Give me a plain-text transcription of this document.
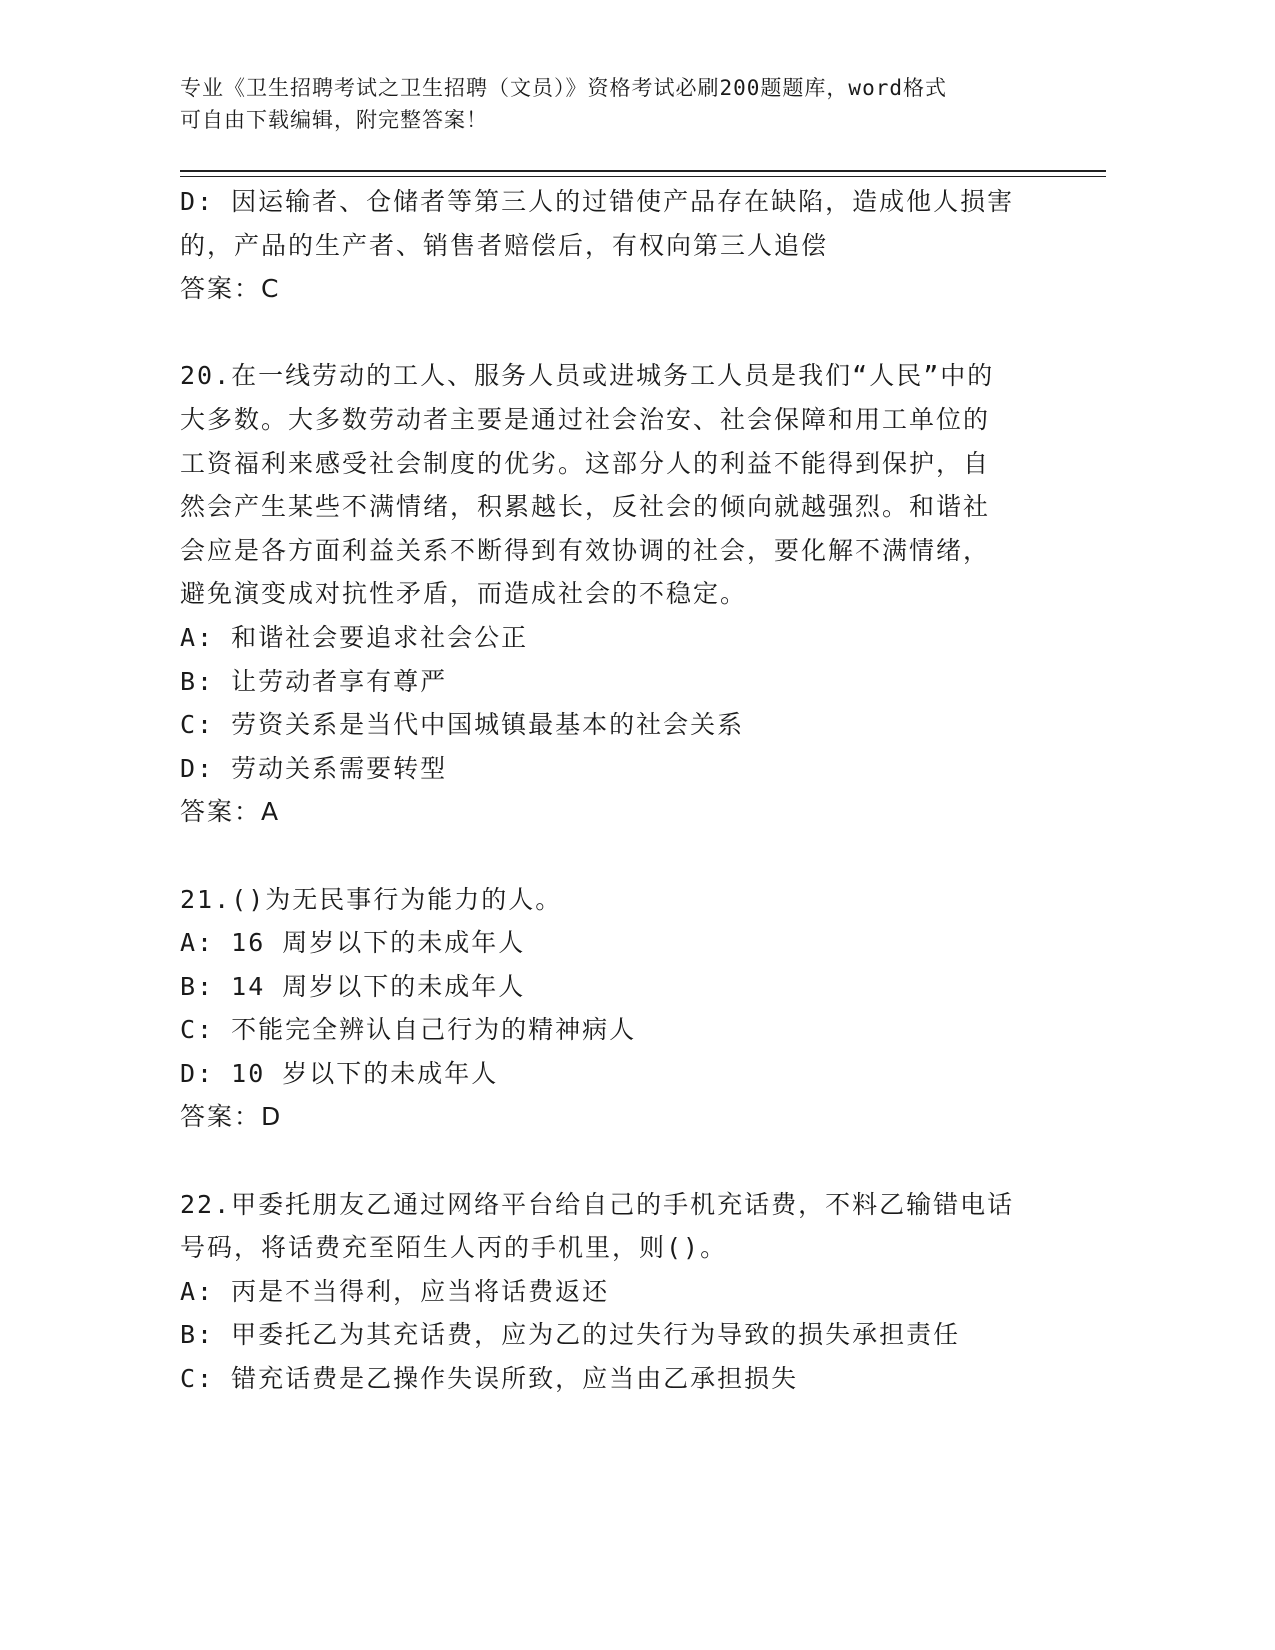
专业《卫生招聘考试之卫生招聘（文员）》资格考试必刷200题题库，word格式
可自由下载编辑，附完整答案！
D: 因运输者、仓储者等第三人的过错使产品存在缺陷，造成他人损害
的，产品的生产者、销售者赔偿后，有权向第三人追偿
答案：C
20.在一线劳动的工人、服务人员或进城务工人员是我们“人民”中的
大多数。大多数劳动者主要是通过社会治安、社会保障和用工单位的
工资福利来感受社会制度的优劣。这部分人的利益不能得到保护，自
然会产生某些不满情绪，积累越长，反社会的倾向就越强烈。和谐社
会应是各方面利益关系不断得到有效协调的社会，要化解不满情绪，
避免演变成对抗性矛盾，而造成社会的不稳定。
A: 和谐社会要追求社会公正
B: 让劳动者享有尊严
C: 劳资关系是当代中国城镇最基本的社会关系
D: 劳动关系需要转型
答案：A
21.()为无民事行为能力的人。
A: 16 周岁以下的未成年人
B: 14 周岁以下的未成年人
C: 不能完全辨认自己行为的精神病人
D: 10 岁以下的未成年人
答案：D
22.甲委托朋友乙通过网络平台给自己的手机充话费，不料乙输错电话
号码，将话费充至陌生人丙的手机里，则()。
A: 丙是不当得利，应当将话费返还
B: 甲委托乙为其充话费，应为乙的过失行为导致的损失承担责任
C: 错充话费是乙操作失误所致，应当由乙承担损失
